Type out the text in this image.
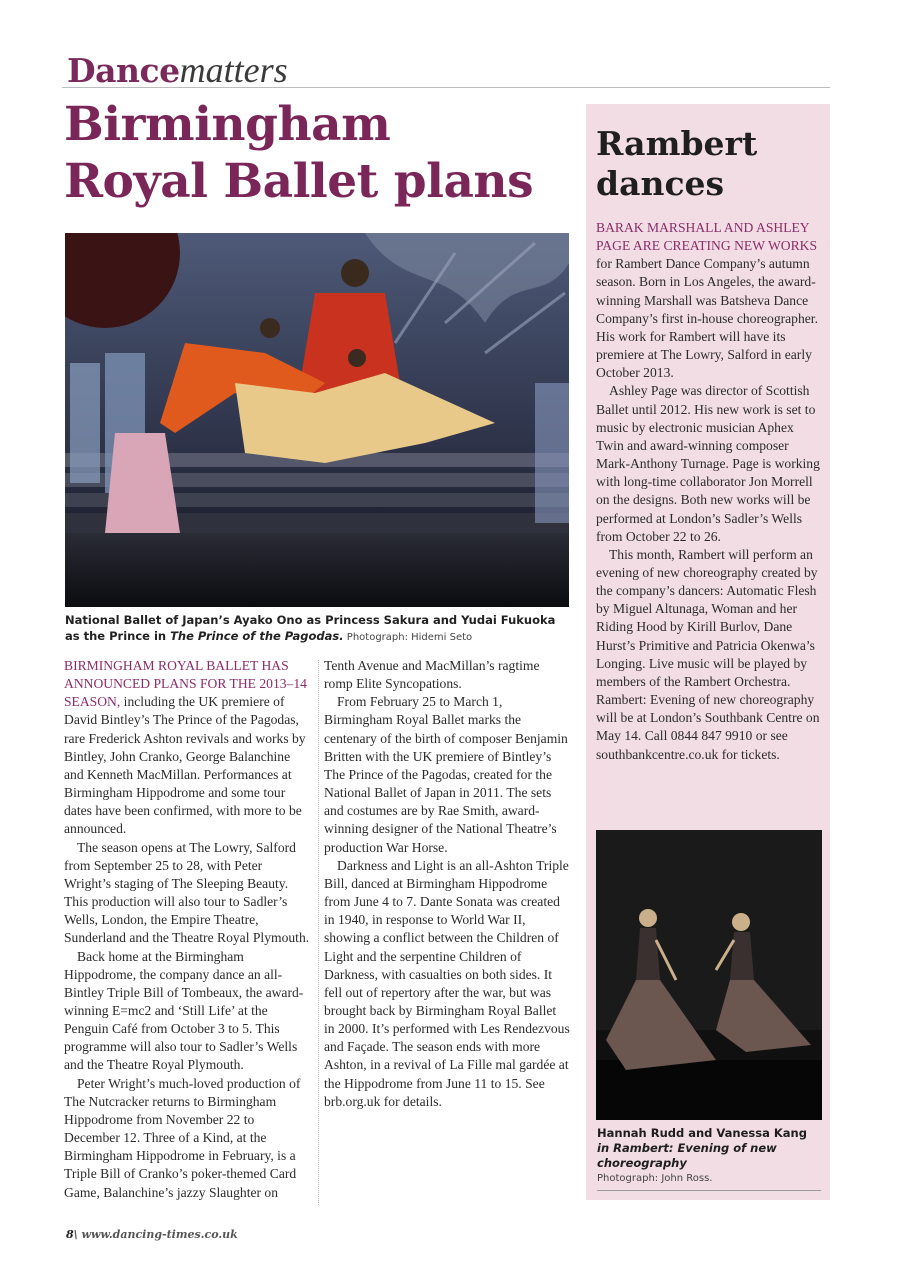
Dancematters
Birmingham
Royal Ballet plans
National Ballet of Japan’s Ayako Ono as Princess Sakura and Yudai Fukuoka as the Prince in The Prince of the Pagodas. Photograph: Hidemi Seto

BIRMINGHAM ROYAL BALLET HAS ANNOUNCED PLANS FOR THE 2013–14 SEASON, including the UK premiere of David Bintley’s The Prince of the Pagodas, rare Frederick Ashton revivals and works by Bintley, John Cranko, George Balanchine and Kenneth MacMillan. Performances at Birmingham Hippodrome and some tour dates have been confirmed, with more to be announced.

The season opens at The Lowry, Salford from September 25 to 28, with Peter Wright’s staging of The Sleeping Beauty. This production will also tour to Sadler’s Wells, London, the Empire Theatre, Sunderland and the Theatre Royal Plymouth.

Back home at the Birmingham Hippodrome, the company dance an all-Bintley Triple Bill of Tombeaux, the award-winning E=mc2 and ‘Still Life’ at the Penguin Café from October 3 to 5. This programme will also tour to Sadler’s Wells and the Theatre Royal Plymouth.

Peter Wright’s much-loved production of The Nutcracker returns to Birmingham Hippodrome from November 22 to December 12. Three of a Kind, at the Birmingham Hippodrome in February, is a Triple Bill of Cranko’s poker-themed Card Game, Balanchine’s jazzy Slaughter on Tenth Avenue and MacMillan’s ragtime romp Elite Syncopations.

From February 25 to March 1, Birmingham Royal Ballet marks the centenary of the birth of composer Benjamin Britten with the UK premiere of Bintley’s The Prince of the Pagodas, created for the National Ballet of Japan in 2011. The sets and costumes are by Rae Smith, award-winning designer of the National Theatre’s production War Horse.

Darkness and Light is an all-Ashton Triple Bill, danced at Birmingham Hippodrome from June 4 to 7. Dante Sonata was created in 1940, in response to World War II, showing a conflict between the Children of Light and the serpentine Children of Darkness, with casualties on both sides. It fell out of repertory after the war, but was brought back by Birmingham Royal Ballet in 2000. It’s performed with Les Rendezvous and Façade. The season ends with more Ashton, in a revival of La Fille mal gardée at the Hippodrome from June 11 to 15. See brb.org.uk for details.

Rambert
dances

BARAK MARSHALL AND ASHLEY PAGE ARE CREATING NEW WORKS for Rambert Dance Company’s autumn season. Born in Los Angeles, the award-winning Marshall was Batsheva Dance Company’s first in-house choreographer. His work for Rambert will have its premiere at The Lowry, Salford in early October 2013.

Ashley Page was director of Scottish Ballet until 2012. His new work is set to music by electronic musician Aphex Twin and award-winning composer Mark-Anthony Turnage. Page is working with long-time collaborator Jon Morrell on the designs. Both new works will be performed at London’s Sadler’s Wells from October 22 to 26.

This month, Rambert will perform an evening of new choreography created by the company’s dancers: Automatic Flesh by Miguel Altunaga, Woman and her Riding Hood by Kirill Burlov, Dane Hurst’s Primitive and Patricia Okenwa’s Longing. Live music will be played by members of the Rambert Orchestra. Rambert: Evening of new choreography will be at London’s Southbank Centre on May 14. Call 0844 847 9910 or see southbankcentre.co.uk for tickets.

Hannah Rudd and Vanessa Kang
in Rambert: Evening of new choreography
Photograph: John Ross.
8\ www.dancing-times.co.uk
